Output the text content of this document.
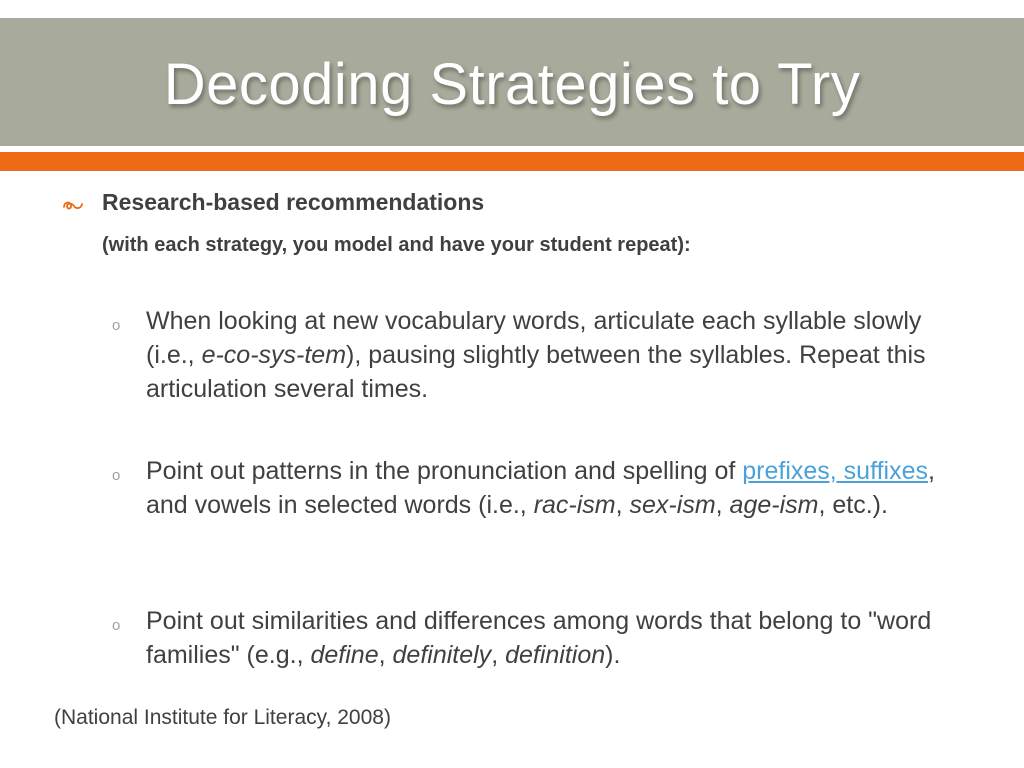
Decoding Strategies to Try
Research-based recommendations
(with each strategy, you model and have your student repeat):
o When looking at new vocabulary words, articulate each syllable slowly (i.e., e-co-sys-tem), pausing slightly between the syllables. Repeat this articulation several times.
o Point out patterns in the pronunciation and spelling of prefixes, suffixes, and vowels in selected words (i.e., rac-ism, sex-ism, age-ism, etc.).
o Point out similarities and differences among words that belong to "word families" (e.g., define, definitely, definition).
(National Institute for Literacy, 2008)
